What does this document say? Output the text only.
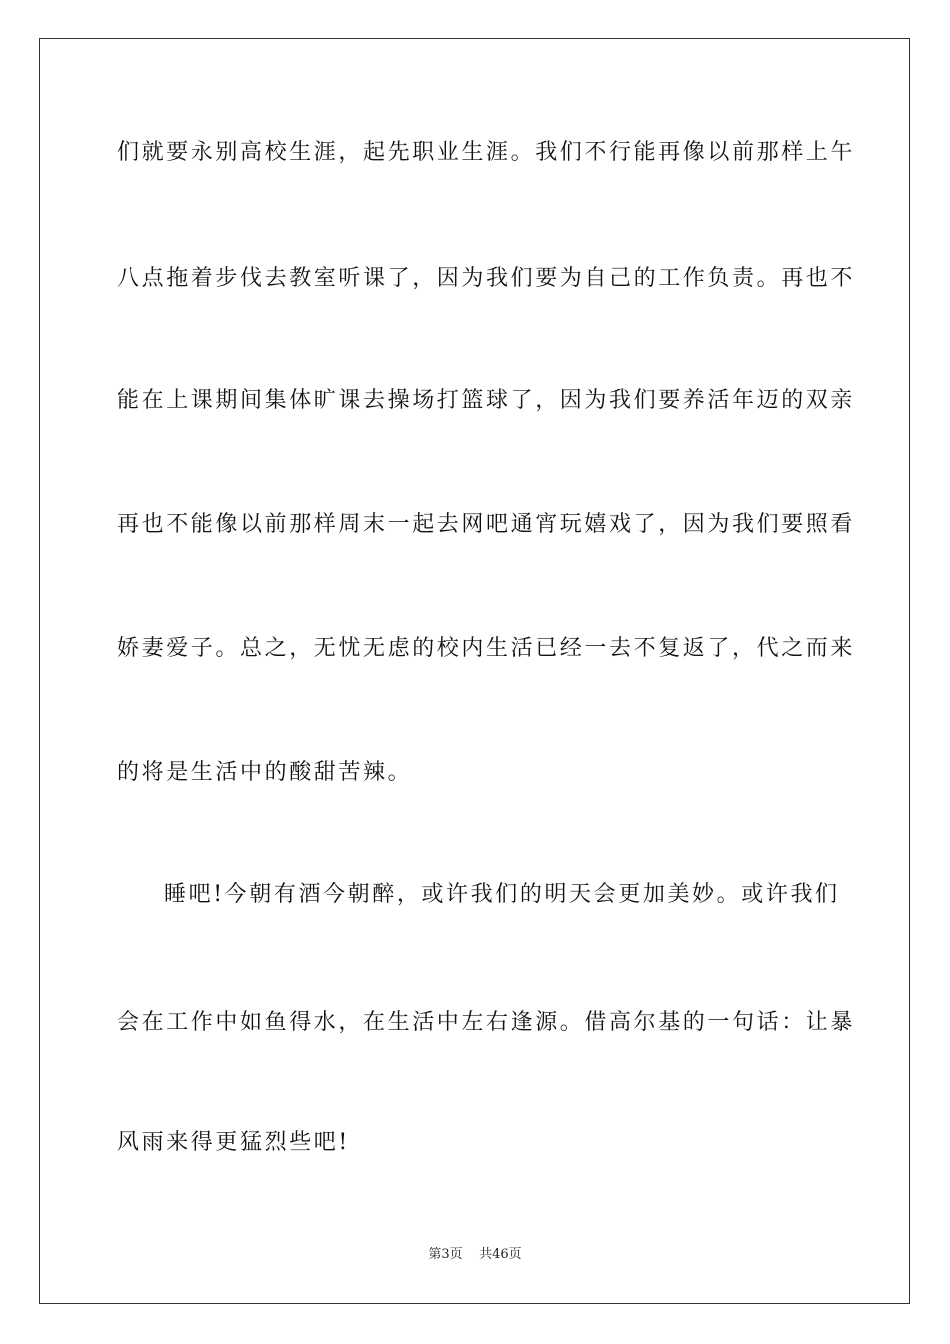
们就要永别高校生涯，起先职业生涯。我们不行能再像以前那样上午
八点拖着步伐去教室听课了，因为我们要为自己的工作负责。再也不
能在上课期间集体旷课去操场打篮球了，因为我们要养活年迈的双亲
再也不能像以前那样周末一起去网吧通宵玩嬉戏了，因为我们要照看
娇妻爱子。总之，无忧无虑的校内生活已经一去不复返了，代之而来
的将是生活中的酸甜苦辣。
睡吧!今朝有酒今朝醉，或许我们的明天会更加美妙。或许我们
会在工作中如鱼得水，在生活中左右逢源。借高尔基的一句话：让暴
风雨来得更猛烈些吧!
第3页 共46页
